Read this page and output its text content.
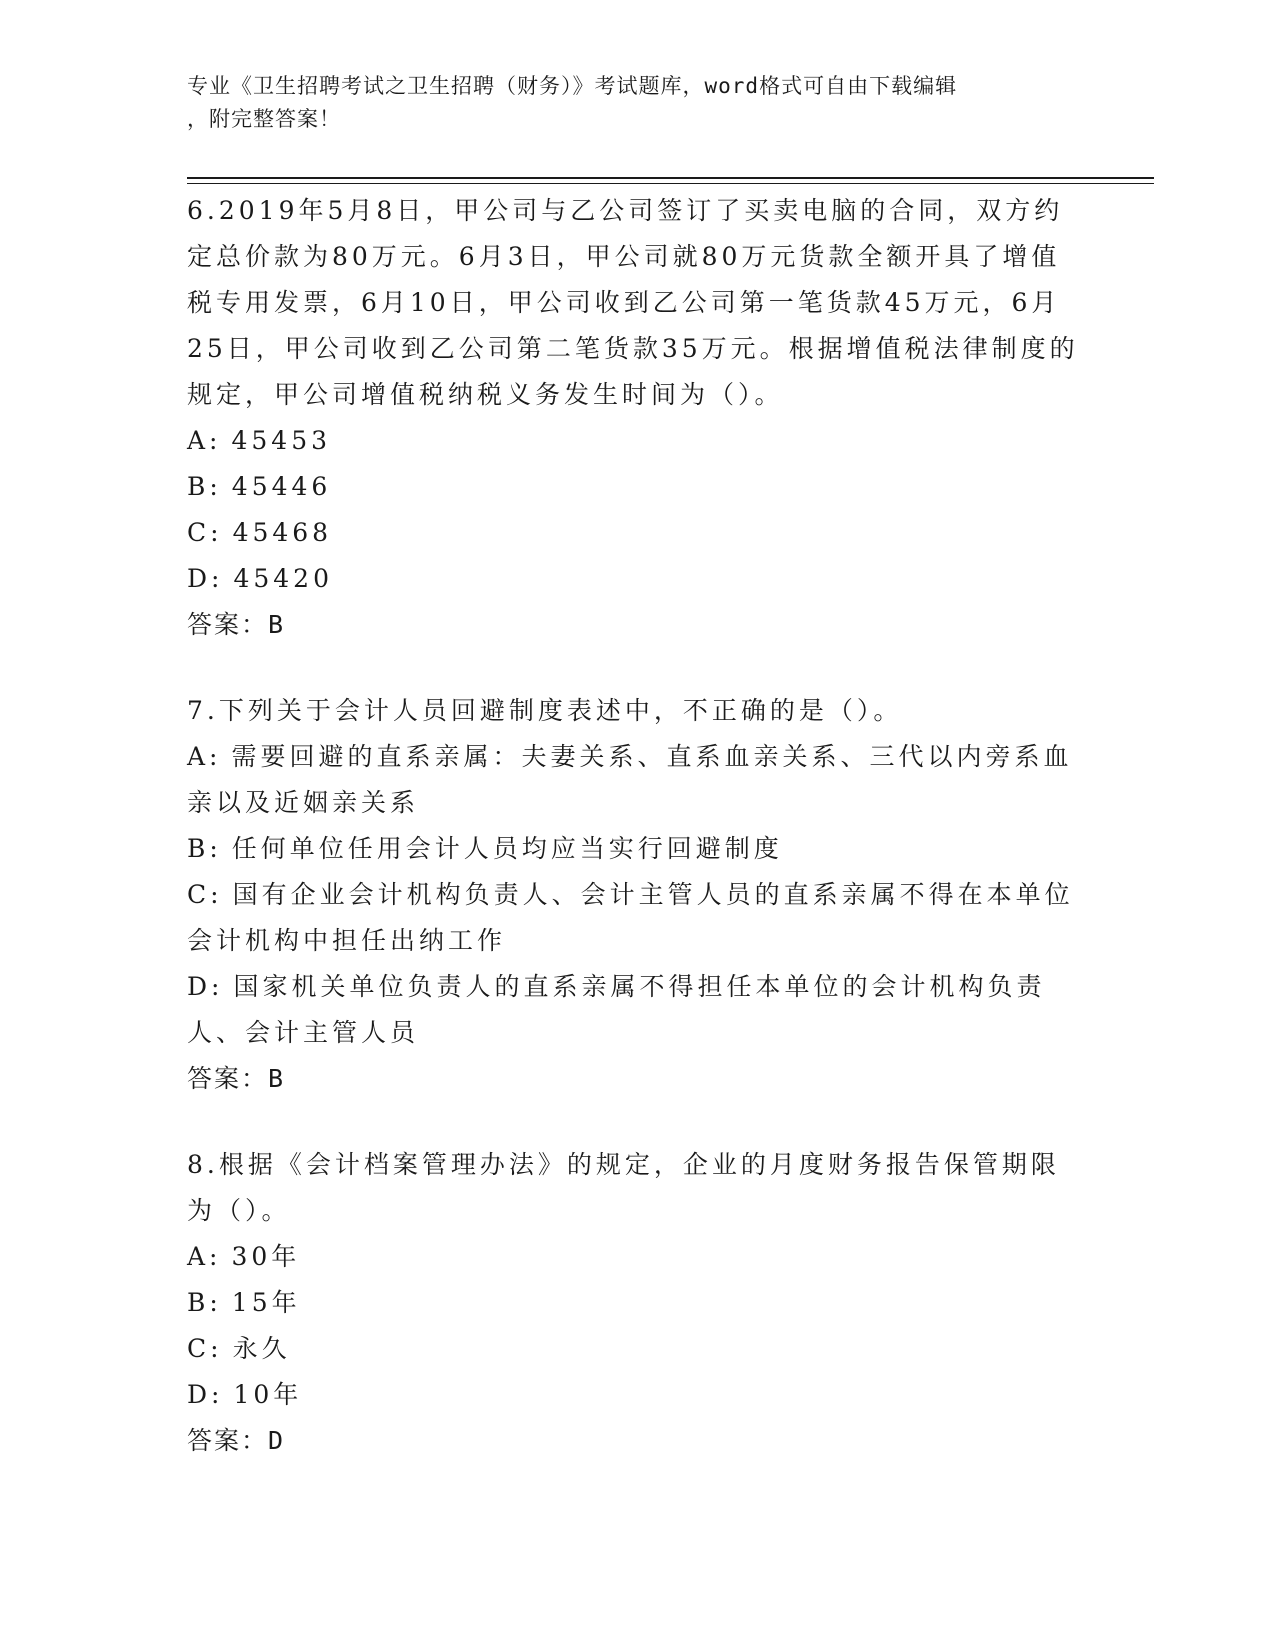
专业《卫生招聘考试之卫生招聘（财务）》考试题库，word格式可自由下载编辑
，附完整答案！

6.2019年5月8日，甲公司与乙公司签订了买卖电脑的合同，双方约定总价款为80万元。6月3日，甲公司就80万元货款全额开具了增值税专用发票，6月10日，甲公司收到乙公司第一笔货款45万元，6月25日，甲公司收到乙公司第二笔货款35万元。根据增值税法律制度的规定，甲公司增值税纳税义务发生时间为（）。

A: 45453

B: 45446

C: 45468

D: 45420

答案：B

7.下列关于会计人员回避制度表述中，不正确的是（）。

A: 需要回避的直系亲属：夫妻关系、直系血亲关系、三代以内旁系血亲以及近姻亲关系

B: 任何单位任用会计人员均应当实行回避制度

C: 国有企业会计机构负责人、会计主管人员的直系亲属不得在本单位会计机构中担任出纳工作

D: 国家机关单位负责人的直系亲属不得担任本单位的会计机构负责人、会计主管人员

答案：B

8.根据《会计档案管理办法》的规定，企业的月度财务报告保管期限为（）。

A: 30年

B: 15年

C: 永久

D: 10年

答案：D
